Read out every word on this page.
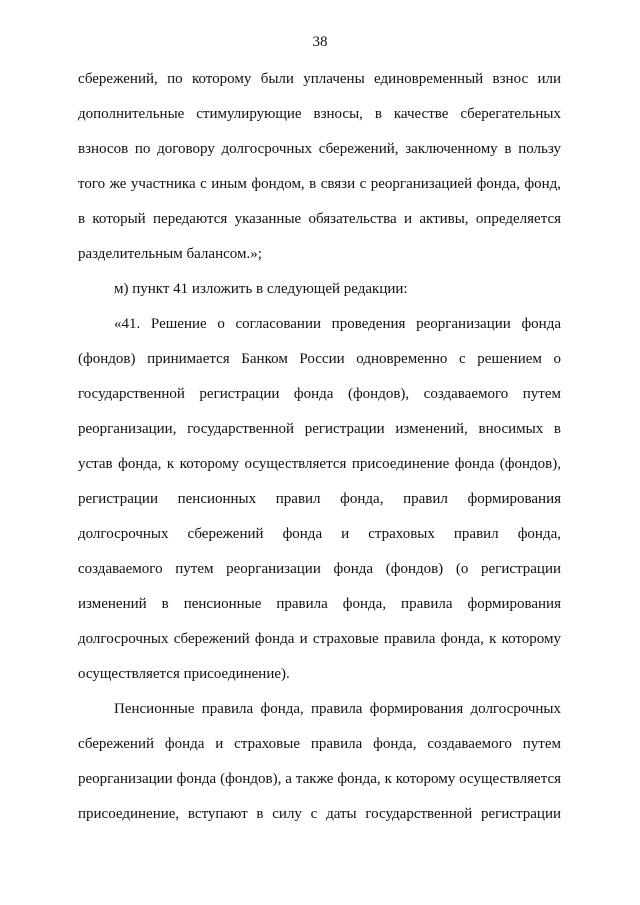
38
сбережений, по которому были уплачены единовременный взнос или
дополнительные стимулирующие взносы, в качестве сберегательных
взносов по договору долгосрочных сбережений, заключенному в пользу
того же участника с иным фондом, в связи с реорганизацией фонда, фонд,
в который передаются указанные обязательства и активы, определяется
разделительным балансом.»;
м) пункт 41 изложить в следующей редакции:
«41. Решение о согласовании проведения реорганизации фонда
(фондов) принимается Банком России одновременно с решением о
государственной регистрации фонда (фондов), создаваемого путем
реорганизации, государственной регистрации изменений, вносимых в
устав фонда, к которому осуществляется присоединение фонда (фондов),
регистрации пенсионных правил фонда, правил формирования
долгосрочных сбережений фонда и страховых правил фонда,
создаваемого путем реорганизации фонда (фондов) (о регистрации
изменений в пенсионные правила фонда, правила формирования
долгосрочных сбережений фонда и страховые правила фонда, к которому
осуществляется присоединение).
Пенсионные правила фонда, правила формирования долгосрочных
сбережений фонда и страховые правила фонда, создаваемого путем
реорганизации фонда (фондов), а также фонда, к которому осуществляется
присоединение, вступают в силу с даты государственной регистрации
